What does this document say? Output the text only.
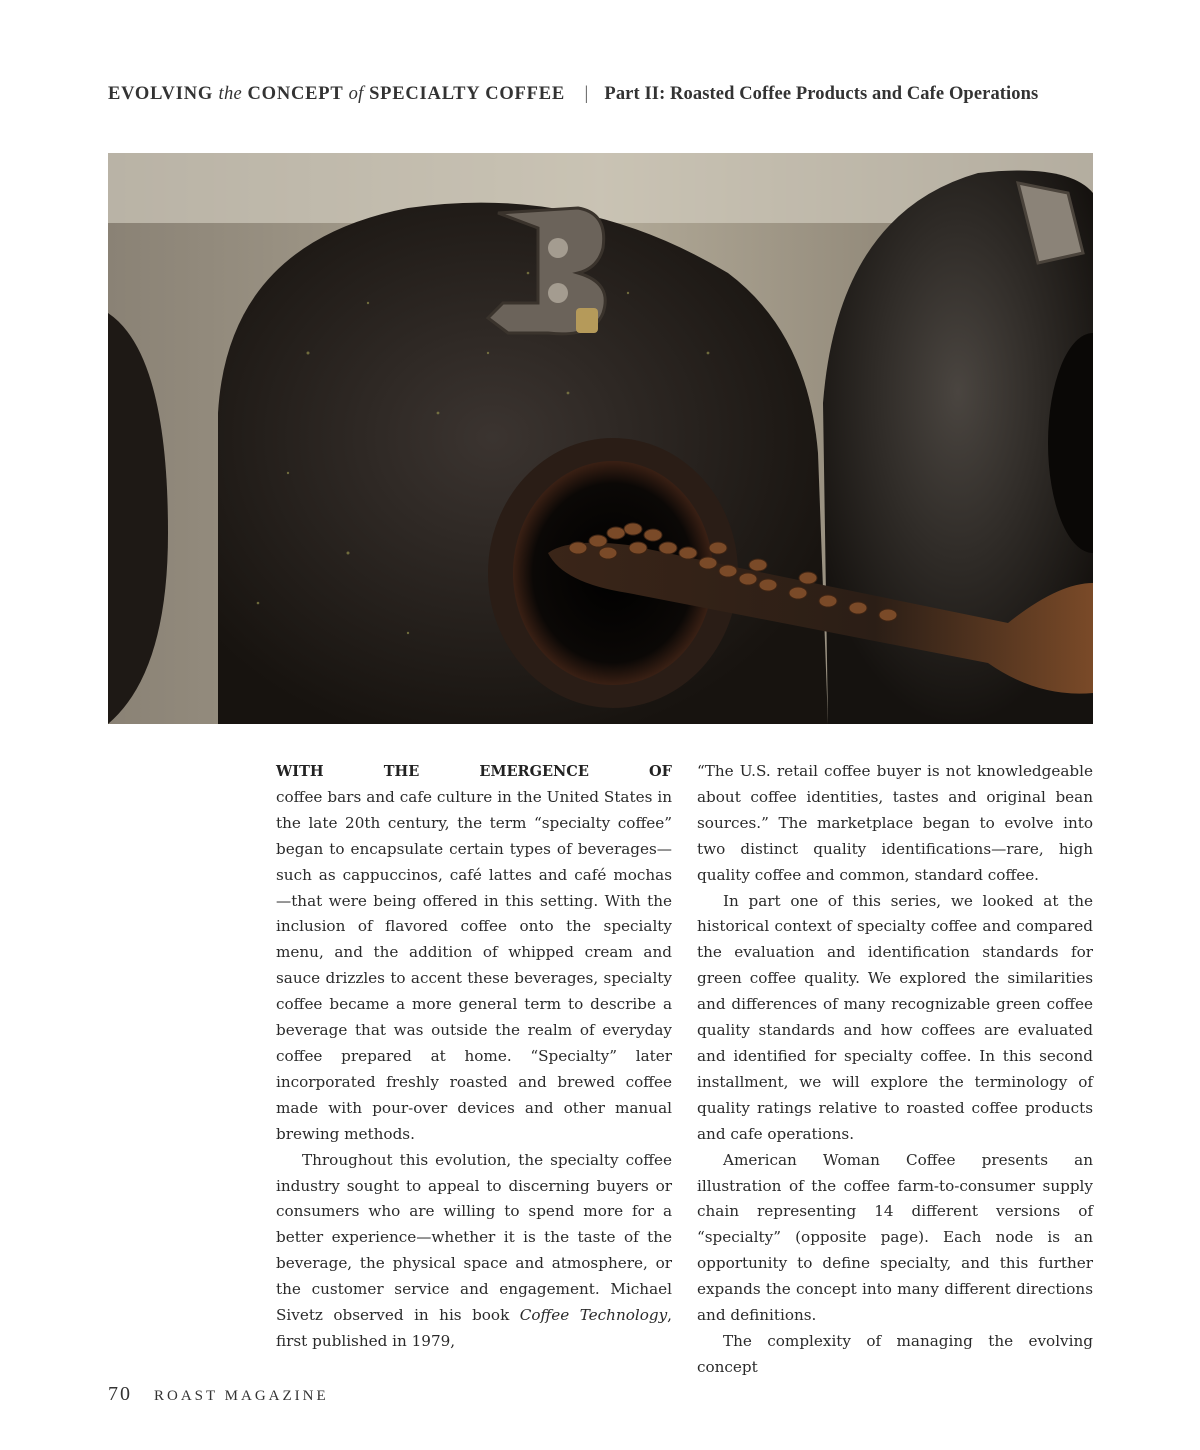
EVOLVING the CONCEPT of SPECIALTY COFFEE | Part II: Roasted Coffee Products and Cafe Operations
WITH	THE	EMERGENCE	OF

coffee bars and cafe culture in the United States in the late 20th century, the term “specialty coffee” began to encapsulate certain types of beverages—such as cappuccinos, café lattes and café mochas—that were being offered in this setting. With the inclusion of flavored coffee onto the specialty menu, and the addition of whipped cream and sauce drizzles to accent these beverages, specialty coffee became a more general term to describe a beverage that was outside the realm of everyday coffee prepared at home. “Specialty” later incorporated freshly roasted and brewed coffee made with pour-over devices and other manual brewing methods.

Throughout this evolution, the specialty coffee industry sought to appeal to discerning buyers or consumers who are willing to spend more for a better experience—whether it is the taste of the beverage, the physical space and atmosphere, or the customer service and engagement. Michael Sivetz observed in his book Coffee Technology, first published in 1979,

“The U.S. retail coffee buyer is not knowledgeable about coffee identities, tastes and original bean sources.” The marketplace began to evolve into two distinct quality identifications—rare, high quality coffee and common, standard coffee.

In part one of this series, we looked at the historical context of specialty coffee and compared the evaluation and identification standards for green coffee quality. We explored the similarities and differences of many recognizable green coffee quality standards and how coffees are evaluated and identified for specialty coffee. In this second installment, we will explore the terminology of quality ratings relative to roasted coffee products and cafe operations.

American Woman Coffee presents an illustration of the coffee farm-to-consumer supply chain representing 14 different versions of “specialty” (opposite page). Each node is an opportunity to define specialty, and this further expands the concept into many different directions and definitions.

The complexity of managing the evolving concept

70 ROAST MAGAZINE
